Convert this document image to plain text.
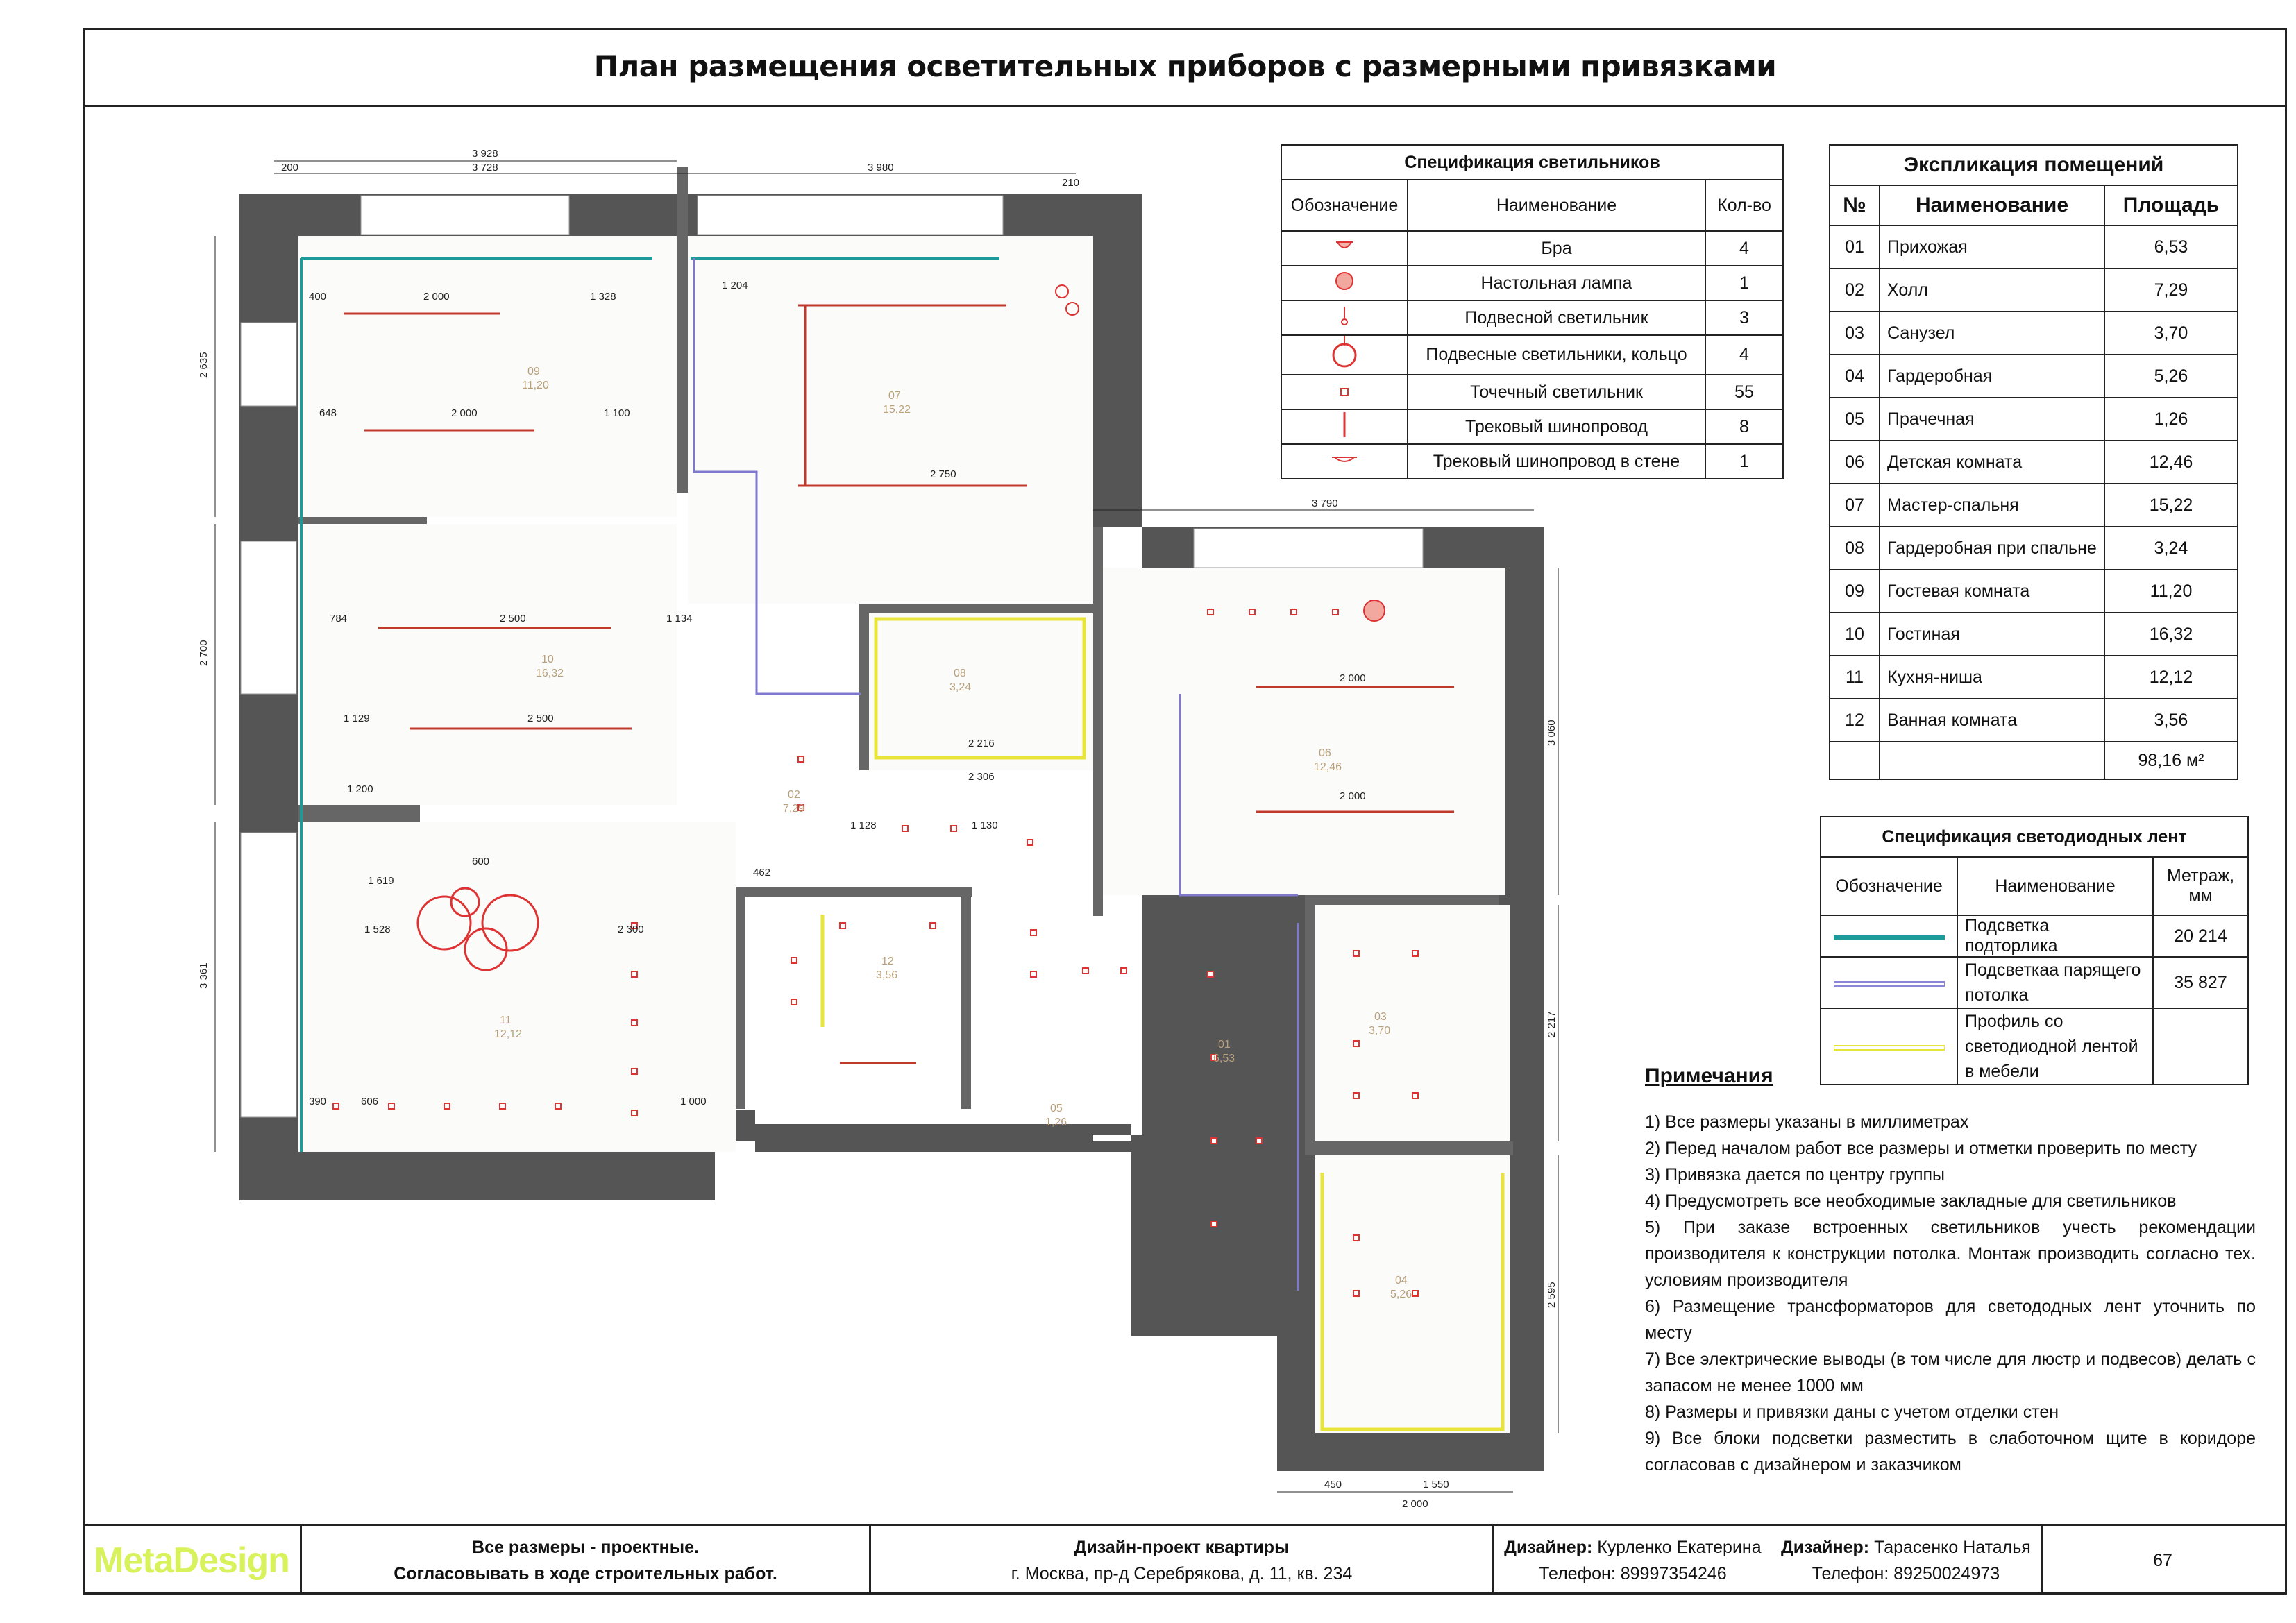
План размещения осветительных приборов с размерными привязками
3 928
200	3 728	3 980
210
3 790
2 000	1 328
400
2 000	1 100
648
1 204
2 750
2 500	1 134
784
2 500
1 129
1 200
2 306
2 216
1 128	1 130
462
600
1 619
1 528	2 300
1 000
390	606
2 000
2 000
450	1 550
2 000
2 635
2 700
3 361
3 060
2 217
2 595
09
11,20
07
15,22
10
16,32	08
3,24
02
7,29
06
12,46
11
12,12
12
3,56
01
6,53
03
3,70
05
1,26
04
5,26
Спецификация светильников		
Обозначение	Наименование	Кол-во
	Бра	4
	Настольная лампа	1
	Подвесной светильник	3
	Подвесные светильники, кольцо	4
	Точечный светильник	55
	Трековый шинопровод	8
	Трековый шинопровод в стене	1
Экспликация помещений		
№	Наименование	Площадь
01	Прихожая	6,53
02	Холл	7,29
03	Санузел	3,70
04	Гардеробная	5,26
05	Прачечная	1,26
06	Детская комната	12,46
07	Мастер-спальня	15,22
08	Гардеробная при спальне	3,24
09	Гостевая комната	11,20
10	Гостиная	16,32
11	Кухня-ниша	12,12
12	Ванная комната	3,56
		98,16 м²
Спецификация светодиодных лент		
Обозначение	Наименование	Метраж, мм
	Подсветка подторлика	20 214
	Подсветкаа парящего потолка	35 827
	Профиль со светодиодной лентой в мебели	
Примечания

1) Все размеры указаны в миллиметрах

2) Перед началом работ все размеры и отметки проверить по месту

3) Привязка дается по центру группы

4) Предусмотреть все необходимые закладные для светильников

5) При заказе встроенных светильников учесть рекомендации производителя к конструкции потолка. Монтаж производить согласно тех. условиям производителя

6) Размещение трансформаторов для светододных лент уточнить по месту

7) Все электрические выводы (в том числе для люстр и подвесов) делать с запасом не менее 1000 мм

8) Размеры и привязки даны с учетом отделки стен

9) Все блоки подсветки разместить в слаботочном щите в коридоре согласовав с дизайнером и заказчиком

MetaDesign	Все размеры - проектные.
Согласовывать в ходе строительных работ.
Дизайн-проект квартиры
г. Москва, пр-д Серебрякова, д. 11, кв. 234
Дизайнер: Курленко Екатерина
Телефон: 89997354246
Дизайнер: Тарасенко Наталья
Телефон: 89250024973
67
